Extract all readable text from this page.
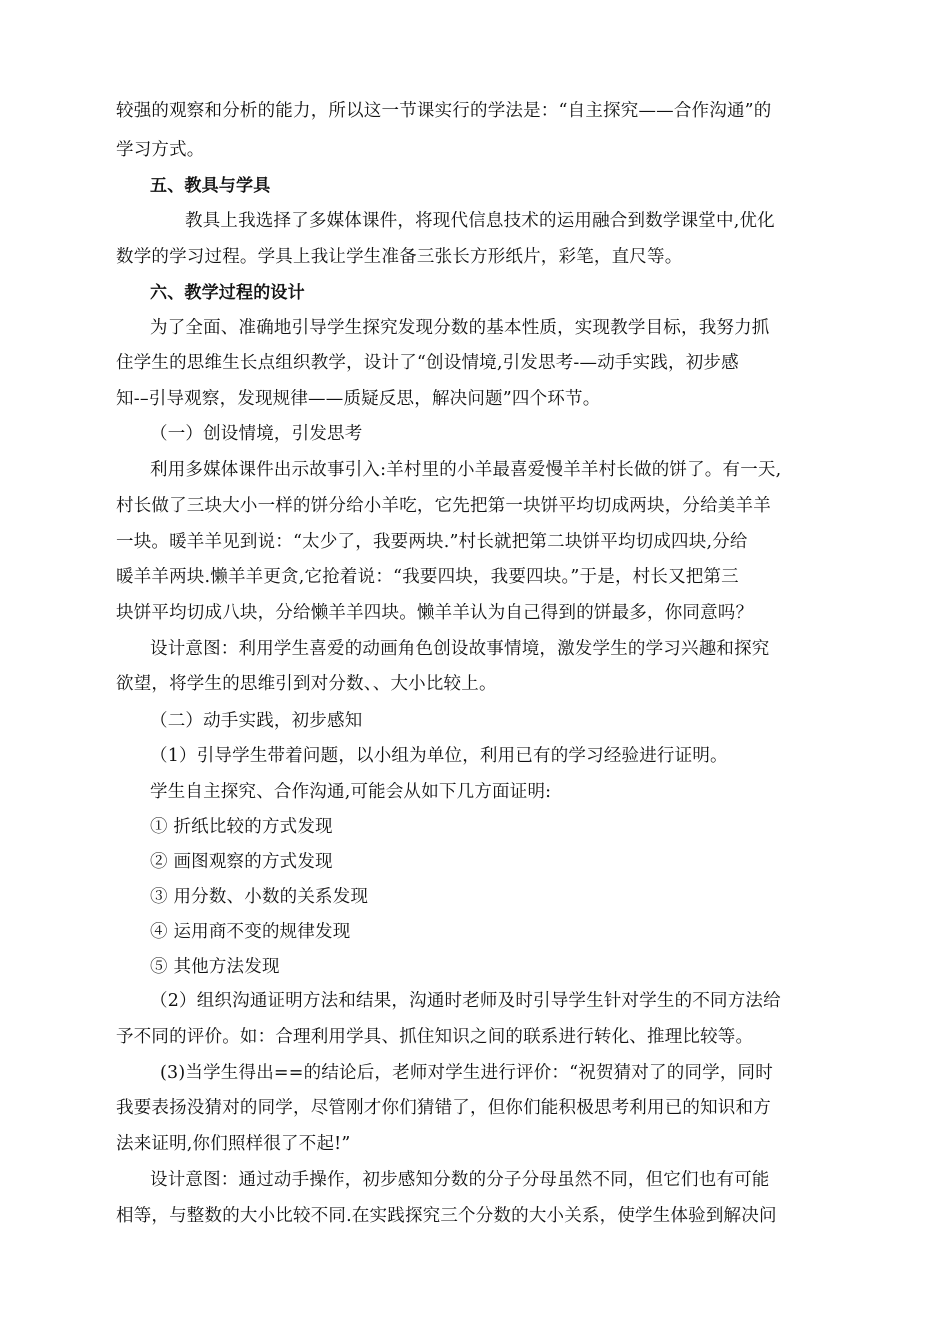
较强的观察和分析的能力，所以这一节课实行的学法是：“自主探究——合作沟通”的
学习方式。
五、教具与学具
教具上我选择了多媒体课件，将现代信息技术的运用融合到数学课堂中,优化
数学的学习过程。学具上我让学生准备三张长方形纸片，彩笔，直尺等。
六、教学过程的设计
为了全面、准确地引导学生探究发现分数的基本性质，实现教学目标，我努力抓
住学生的思维生长点组织教学，设计了“创设情境,引发思考-—动手实践，初步感
知-–引导观察，发现规律——质疑反思，解决问题”四个环节。
（一）创设情境，引发思考
利用多媒体课件出示故事引入:羊村里的小羊最喜爱慢羊羊村长做的饼了。有一天,
村长做了三块大小一样的饼分给小羊吃，它先把第一块饼平均切成两块，分给美羊羊
一块。暖羊羊见到说：“太少了，我要两块.”村长就把第二块饼平均切成四块,分给
暖羊羊两块.懒羊羊更贪,它抢着说：“我要四块，我要四块。”于是，村长又把第三
块饼平均切成八块，分给懒羊羊四块。懒羊羊认为自己得到的饼最多，你同意吗？
设计意图：利用学生喜爱的动画角色创设故事情境，激发学生的学习兴趣和探究
欲望，将学生的思维引到对分数、、大小比较上。
（二）动手实践，初步感知
（1）引导学生带着问题，以小组为单位，利用已有的学习经验进行证明。
学生自主探究、合作沟通,可能会从如下几方面证明:
① 折纸比较的方式发现
② 画图观察的方式发现
③ 用分数、小数的关系发现
④ 运用商不变的规律发现
⑤ 其他方法发现
（2）组织沟通证明方法和结果，沟通时老师及时引导学生针对学生的不同方法给
予不同的评价。如：合理利用学具、抓住知识之间的联系进行转化、推理比较等。
(3)当学生得出==的结论后，老师对学生进行评价：“祝贺猜对了的同学，同时
我要表扬没猜对的同学，尽管刚才你们猜错了，但你们能积极思考利用已的知识和方
法来证明,你们照样很了不起!”
设计意图：通过动手操作，初步感知分数的分子分母虽然不同，但它们也有可能
相等，与整数的大小比较不同.在实践探究三个分数的大小关系，使学生体验到解决问
